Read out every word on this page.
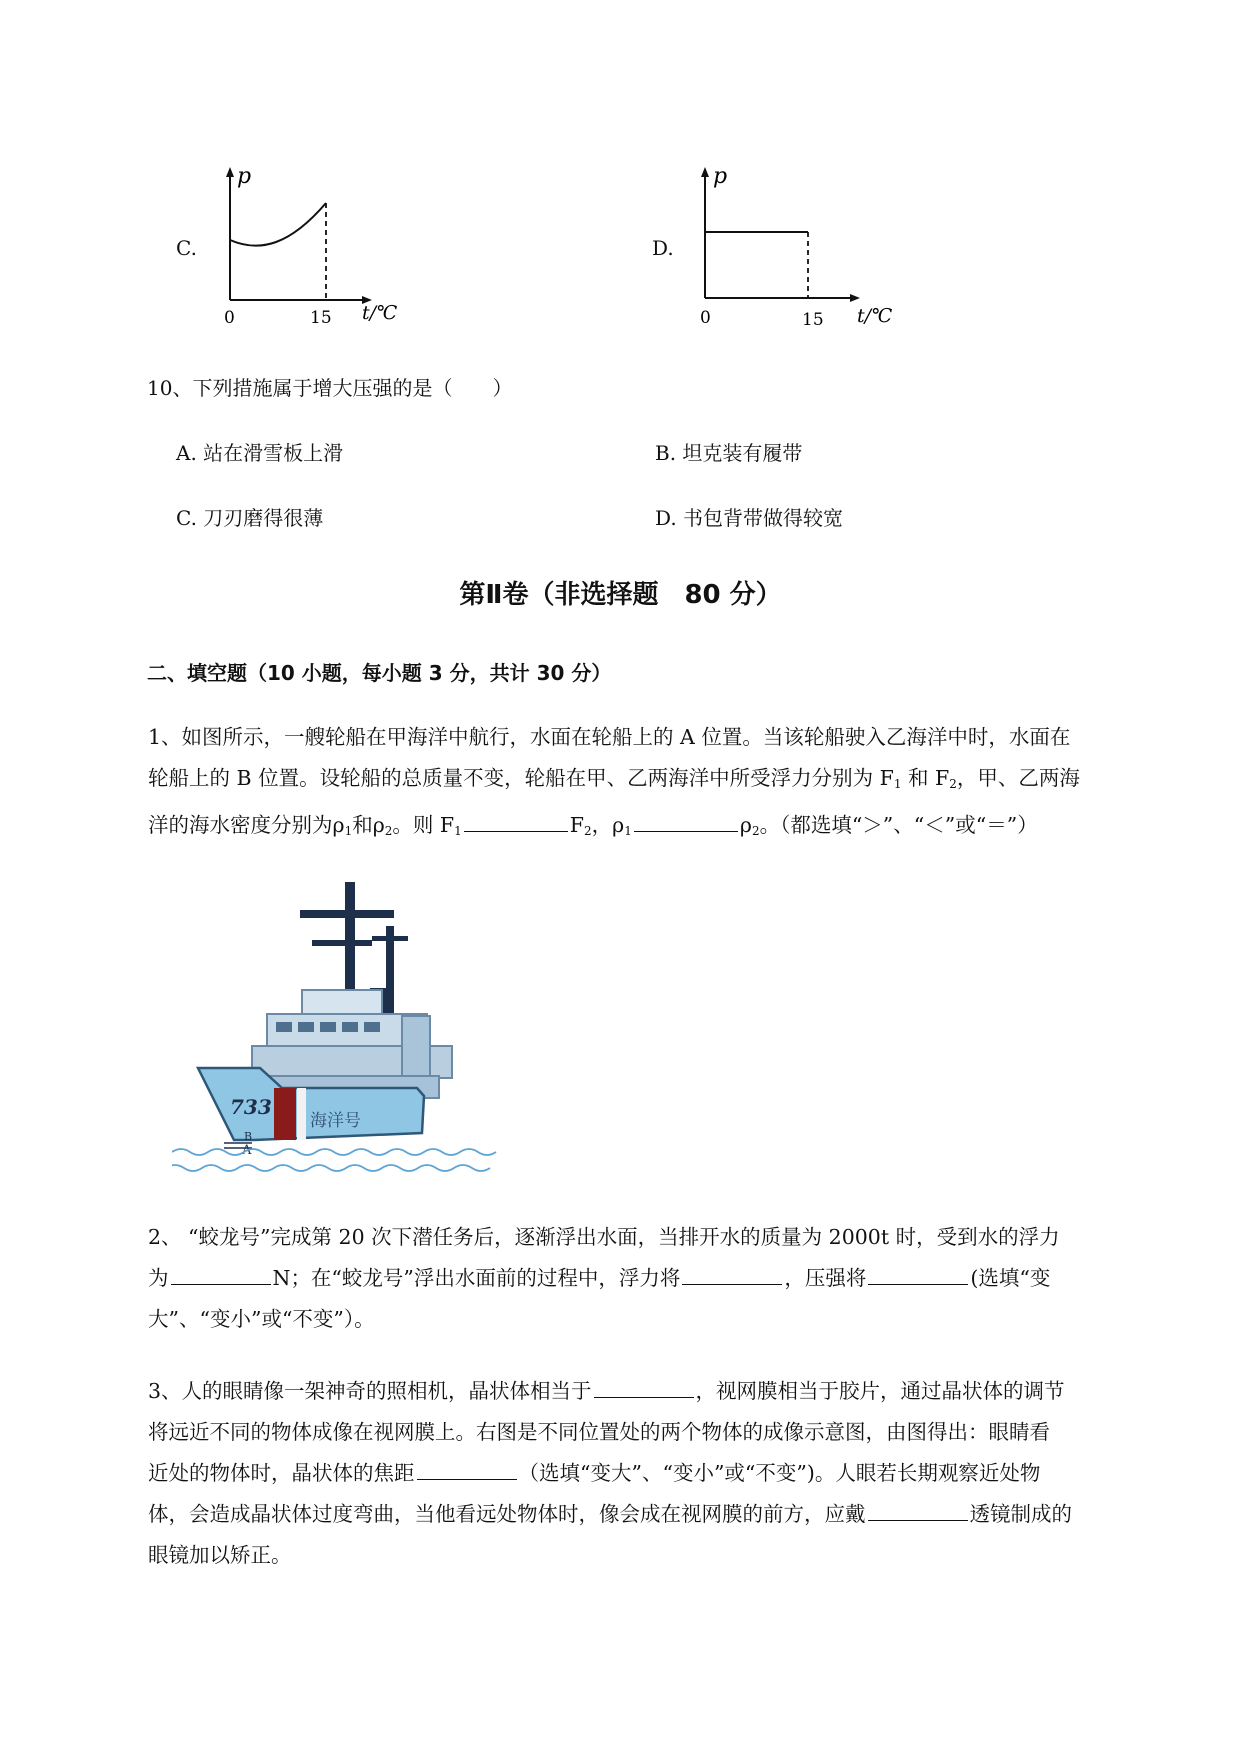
C.
p
0	15 t/℃
D.
p
0	15 t/℃
10、下列措施属于增大压强的是（　　）
A. 站在滑雪板上滑	B. 坦克装有履带
C. 刀刃磨得很薄	D. 书包背带做得较宽
第Ⅱ卷（非选择题　80 分）
二、填空题（10 小题，每小题 3 分，共计 30 分）
1、如图所示，一艘轮船在甲海洋中航行，水面在轮船上的 A 位置。当该轮船驶入乙海洋中时，水面在
轮船上的 B 位置。设轮船的总质量不变，轮船在甲、乙两海洋中所受浮力分别为 $F_1$ 和 $F_2$，甲、乙两海
洋的海水密度分别为$\rho_1$和$\rho_2$。则 $F_1$	$F_2$，$\rho_1$	$\rho_2$。（都选填“＞”、“＜”或“＝”）
733
海洋号
B
A
2、 “蛟龙号”完成第 20 次下潜任务后，逐渐浮出水面，当排开水的质量为 2000t 时，受到水的浮力
为	N；在“蛟龙号”浮出水面前的过程中，浮力将	，压强将	(选填“变
大”、“变小”或“不变”）。
3、人的眼睛像一架神奇的照相机，晶状体相当于	，视网膜相当于胶片，通过晶状体的调节
将远近不同的物体成像在视网膜上。右图是不同位置处的两个物体的成像示意图，由图得出：眼睛看
近处的物体时，晶状体的焦距	（选填“变大”、“变小”或“不变”)。人眼若长期观察近处物
体，会造成晶状体过度弯曲，当他看远处物体时，像会成在视网膜的前方，应戴	透镜制成的
眼镜加以矫正。
